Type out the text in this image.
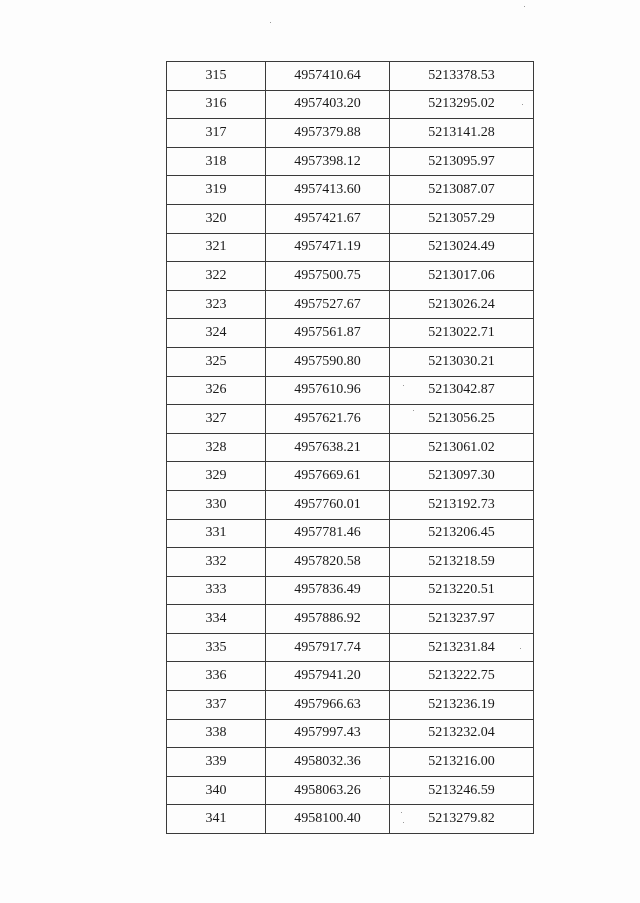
315	4957410.64	5213378.53
316	4957403.20	5213295.02
317	4957379.88	5213141.28
318	4957398.12	5213095.97
319	4957413.60	5213087.07
320	4957421.67	5213057.29
321	4957471.19	5213024.49
322	4957500.75	5213017.06
323	4957527.67	5213026.24
324	4957561.87	5213022.71
325	4957590.80	5213030.21
326	4957610.96	5213042.87
327	4957621.76	5213056.25
328	4957638.21	5213061.02
329	4957669.61	5213097.30
330	4957760.01	5213192.73
331	4957781.46	5213206.45
332	4957820.58	5213218.59
333	4957836.49	5213220.51
334	4957886.92	5213237.97
335	4957917.74	5213231.84
336	4957941.20	5213222.75
337	4957966.63	5213236.19
338	4957997.43	5213232.04
339	4958032.36	5213216.00
340	4958063.26	5213246.59
341	4958100.40	5213279.82
